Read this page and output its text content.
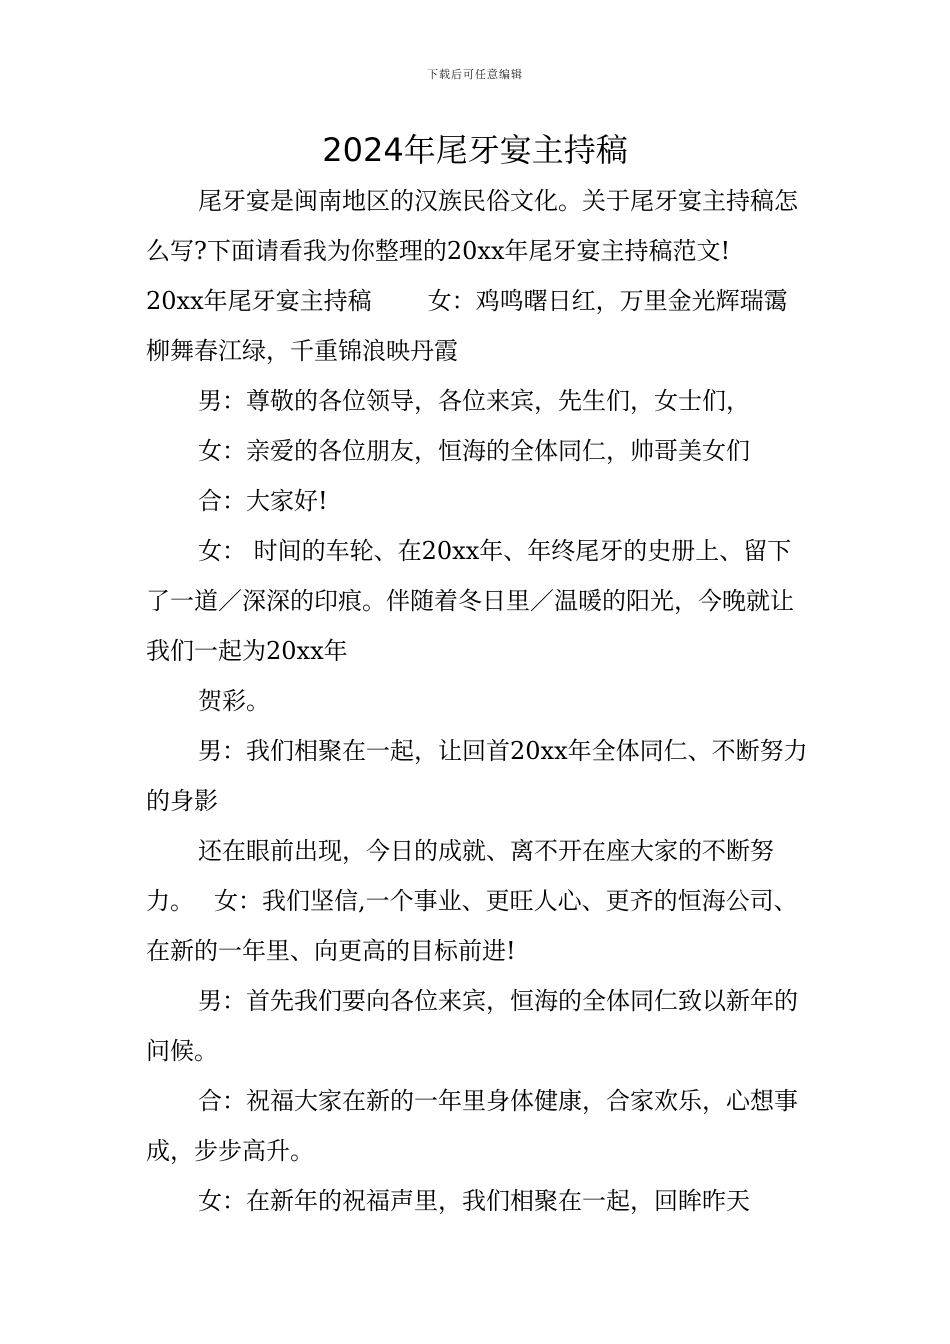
下载后可任意编辑
2024年尾牙宴主持稿

尾牙宴是闽南地区的汉族民俗文化。关于尾牙宴主持稿怎么写?下面请看我为你整理的20xx年尾牙宴主持稿范文!

20xx年尾牙宴主持稿 女：鸡鸣曙日红，万里金光辉瑞霭柳舞春江绿，千重锦浪映丹霞

男：尊敬的各位领导，各位来宾，先生们，女士们，

女：亲爱的各位朋友，恒海的全体同仁，帅哥美女们

合：大家好!

女： 时间的车轮、在20xx年、年终尾牙的史册上、留下了一道／深深的印痕。伴随着冬日里／温暖的阳光，今晚就让我们一起为20xx年

贺彩。

男：我们相聚在一起，让回首20xx年全体同仁、不断努力的身影

还在眼前出现，今日的成就、离不开在座大家的不断努力。 女：我们坚信,一个事业、更旺人心、更齐的恒海公司、在新的一年里、向更高的目标前进!

男：首先我们要向各位来宾，恒海的全体同仁致以新年的问候。

合：祝福大家在新的一年里身体健康，合家欢乐，心想事成，步步高升。

女：在新年的祝福声里，我们相聚在一起，回眸昨天
